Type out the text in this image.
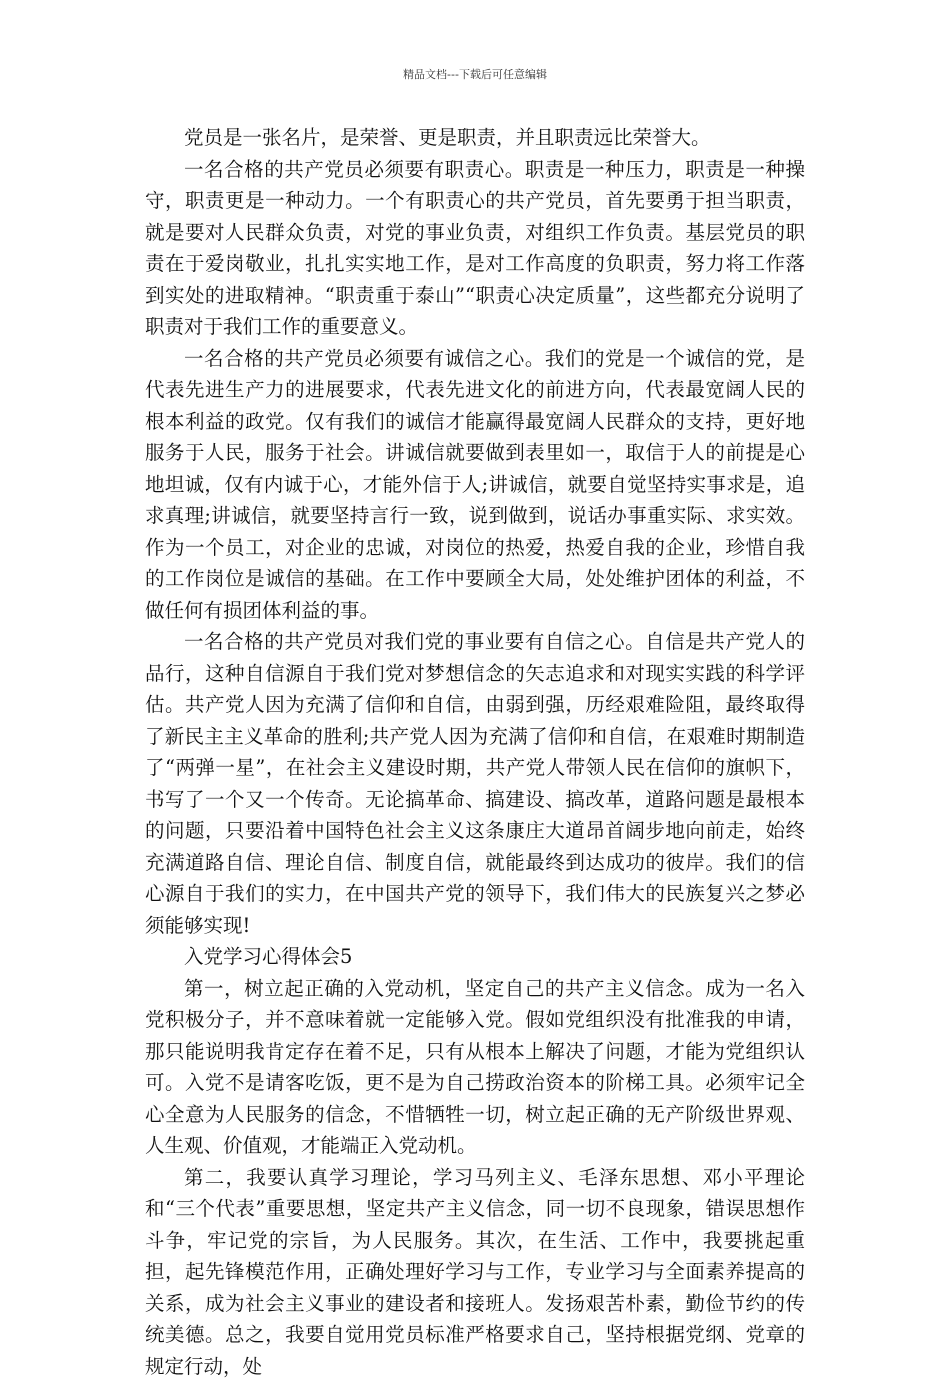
精品文档---下载后可任意编辑

党员是一张名片，是荣誉、更是职责，并且职责远比荣誉大。

一名合格的共产党员必须要有职责心。职责是一种压力，职责是一种操守，职责更是一种动力。一个有职责心的共产党员，首先要勇于担当职责，就是要对人民群众负责，对党的事业负责，对组织工作负责。基层党员的职责在于爱岗敬业，扎扎实实地工作，是对工作高度的负职责，努力将工作落到实处的进取精神。“职责重于泰山”“职责心决定质量”，这些都充分说明了职责对于我们工作的重要意义。

一名合格的共产党员必须要有诚信之心。我们的党是一个诚信的党，是代表先进生产力的进展要求，代表先进文化的前进方向，代表最宽阔人民的根本利益的政党。仅有我们的诚信才能赢得最宽阔人民群众的支持，更好地服务于人民，服务于社会。讲诚信就要做到表里如一，取信于人的前提是心地坦诚，仅有内诚于心，才能外信于人;讲诚信，就要自觉坚持实事求是，追求真理;讲诚信，就要坚持言行一致，说到做到，说话办事重实际、求实效。作为一个员工，对企业的忠诚，对岗位的热爱，热爱自我的企业，珍惜自我的工作岗位是诚信的基础。在工作中要顾全大局，处处维护团体的利益，不做任何有损团体利益的事。

一名合格的共产党员对我们党的事业要有自信之心。自信是共产党人的品行，这种自信源自于我们党对梦想信念的矢志追求和对现实实践的科学评估。共产党人因为充满了信仰和自信，由弱到强，历经艰难险阻，最终取得了新民主主义革命的胜利;共产党人因为充满了信仰和自信，在艰难时期制造了“两弹一星”，在社会主义建设时期，共产党人带领人民在信仰的旗帜下，书写了一个又一个传奇。无论搞革命、搞建设、搞改革，道路问题是最根本的问题，只要沿着中国特色社会主义这条康庄大道昂首阔步地向前走，始终充满道路自信、理论自信、制度自信，就能最终到达成功的彼岸。我们的信心源自于我们的实力，在中国共产党的领导下，我们伟大的民族复兴之梦必须能够实现!

入党学习心得体会5

第一，树立起正确的入党动机，坚定自己的共产主义信念。成为一名入党积极分子，并不意味着就一定能够入党。假如党组织没有批准我的申请，那只能说明我肯定存在着不足，只有从根本上解决了问题，才能为党组织认可。入党不是请客吃饭，更不是为自己捞政治资本的阶梯工具。必须牢记全心全意为人民服务的信念，不惜牺牲一切，树立起正确的无产阶级世界观、人生观、价值观，才能端正入党动机。

第二，我要认真学习理论，学习马列主义、毛泽东思想、邓小平理论和“三个代表”重要思想，坚定共产主义信念，同一切不良现象，错误思想作斗争，牢记党的宗旨，为人民服务。其次，在生活、工作中，我要挑起重担，起先锋模范作用，正确处理好学习与工作，专业学习与全面素养提高的关系，成为社会主义事业的建设者和接班人。发扬艰苦朴素，勤俭节约的传统美德。总之，我要自觉用党员标准严格要求自己，坚持根据党纲、党章的规定行动，处
